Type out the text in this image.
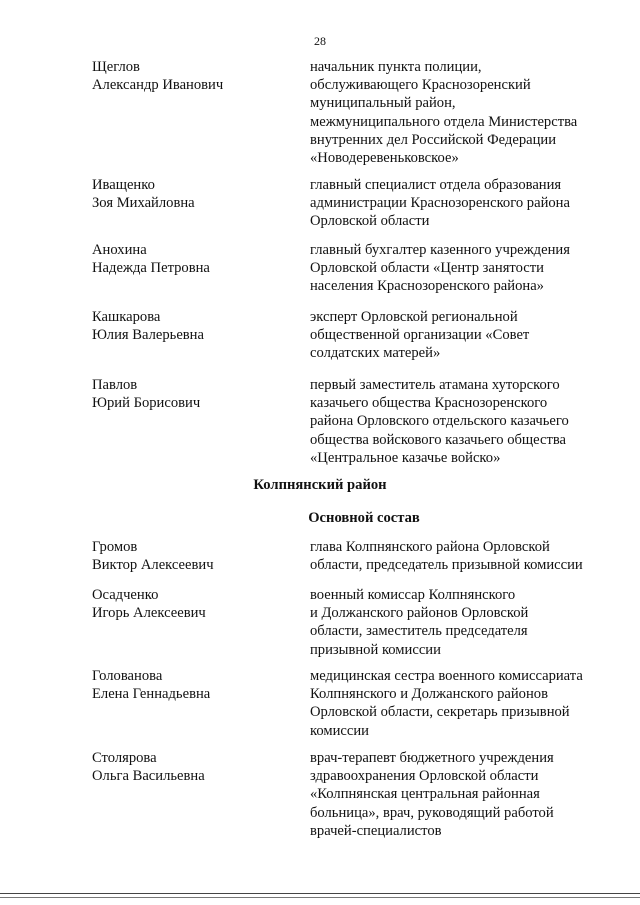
28
Щеглов
Александр Иванович
начальник пункта полиции,
обслуживающего Краснозоренский
муниципальный район,
межмуниципального отдела Министерства
внутренних дел Российской Федерации
«Новодеревеньковское»
Иващенко
Зоя Михайловна
главный специалист отдела образования
администрации Краснозоренского района
Орловской области
Анохина
Надежда Петровна
главный бухгалтер казенного учреждения
Орловской области «Центр занятости
населения Краснозоренского района»
Кашкарова
Юлия Валерьевна
эксперт Орловской региональной
общественной организации «Совет
солдатских матерей»
Павлов
Юрий Борисович
первый заместитель атамана хуторского
казачьего общества Краснозоренского
района Орловского отдельского казачьего
общества войскового казачьего общества
«Центральное казачье войско»
Колпнянский район
Основной состав
Громов
Виктор Алексеевич
глава Колпнянского района Орловской
области, председатель призывной комиссии
Осадченко
Игорь Алексеевич
военный комиссар Колпнянского
и Должанского районов Орловской
области, заместитель председателя
призывной комиссии
Голованова
Елена Геннадьевна
медицинская сестра военного комиссариата
Колпнянского и Должанского районов
Орловской области, секретарь призывной
комиссии
Столярова
Ольга Васильевна
врач-терапевт бюджетного учреждения
здравоохранения Орловской области
«Колпнянская центральная районная
больница», врач, руководящий работой
врачей-специалистов
